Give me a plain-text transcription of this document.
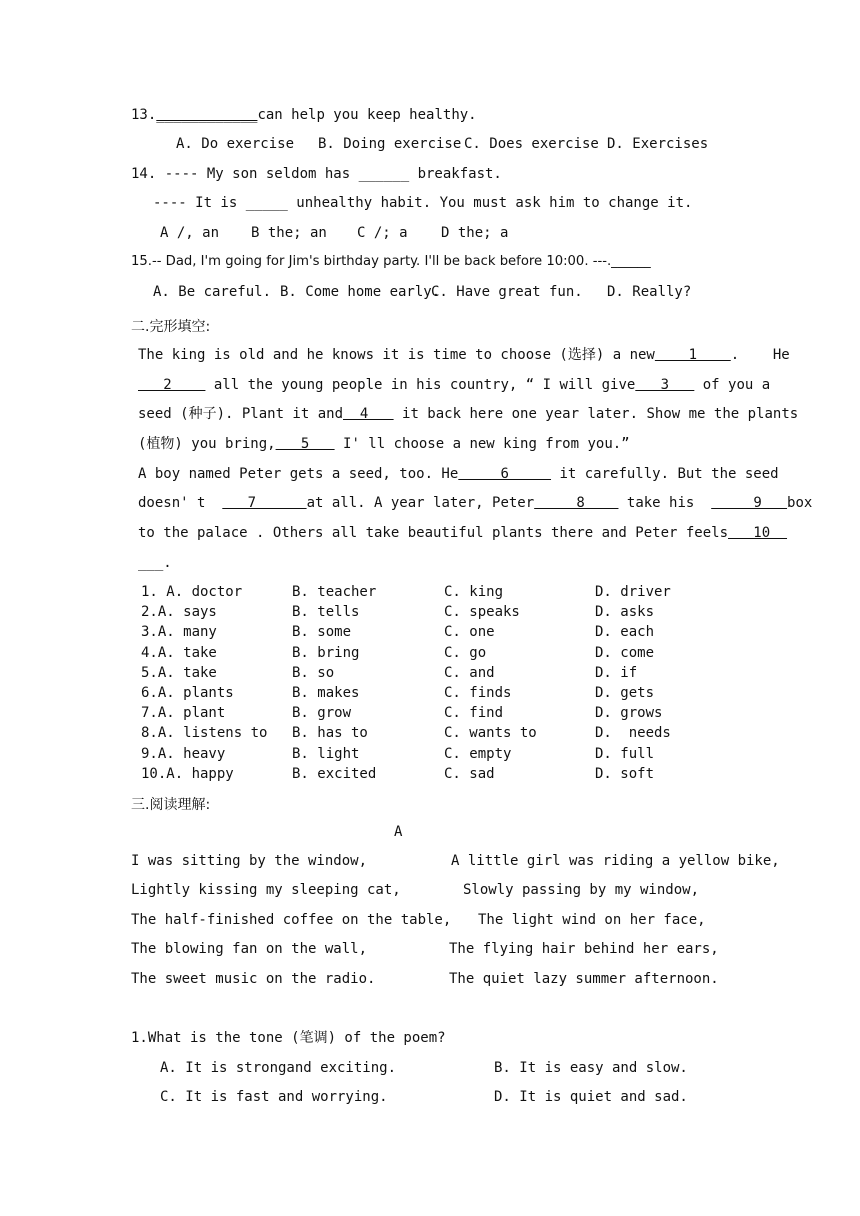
13.____________can help you keep healthy.
A. Do exercise B. Doing exercise C. Does exercise D. Exercises
14. ---- My son seldom has ______ breakfast.
---- It is _____ unhealthy habit. You must ask him to change it.
A /, an B the; an C /; a D the; a
15.-- Dad, I'm going for Jim's birthday party. I'll be back before 10:00. ---.______
A. Be careful. B. Come home early.
C. Have great fun. D. Really?
二.完形填空:
The king is old and he knows it is time to choose (选择) a new    1    .    He
2     all the young people in his country, “ I will give   3    of you a
seed (种子). Plant it and  4    it back here one year later. Show me the plants
(植物) you bring,   5    I' ll choose a new king from you.”
A boy named Peter gets a seed, too. He     6      it carefully. But the seed
doesn' t     7      at all. A year later, Peter     8     take his       9   box
to the palace . Others all take beautiful plants there and Peter feels   10
___.
1. A. doctor	B. teacher	C. king	D. driver
2.A. says	B. tells	C. speaks	D. asks
3.A. many	B. some	C. one	D. each
4.A. take	B. bring	C. go	D. come
5.A. take	B. so	C. and	D. if
6.A. plants	B. makes	C. finds	D. gets
7.A. plant	B. grow	C. find	D. grows
8.A. listens to B. has to	C. wants to	D.  needs
9.A. heavy	B. light	C. empty	D. full
10.A. happy	B. excited	C. sad	D. soft
三.阅读理解:
A
I was sitting by the window,
Lightly kissing my sleeping cat,
The half-finished coffee on the table,
The blowing fan on the wall,
The sweet music on the radio.
A little girl was riding a yellow bike,
Slowly passing by my window,
The light wind on her face,
The flying hair behind her ears,
The quiet lazy summer afternoon.
1.What is the tone (笔调) of the poem?
A. It is strongand exciting.	B. It is easy and slow.
C. It is fast and worrying.	D. It is quiet and sad.
